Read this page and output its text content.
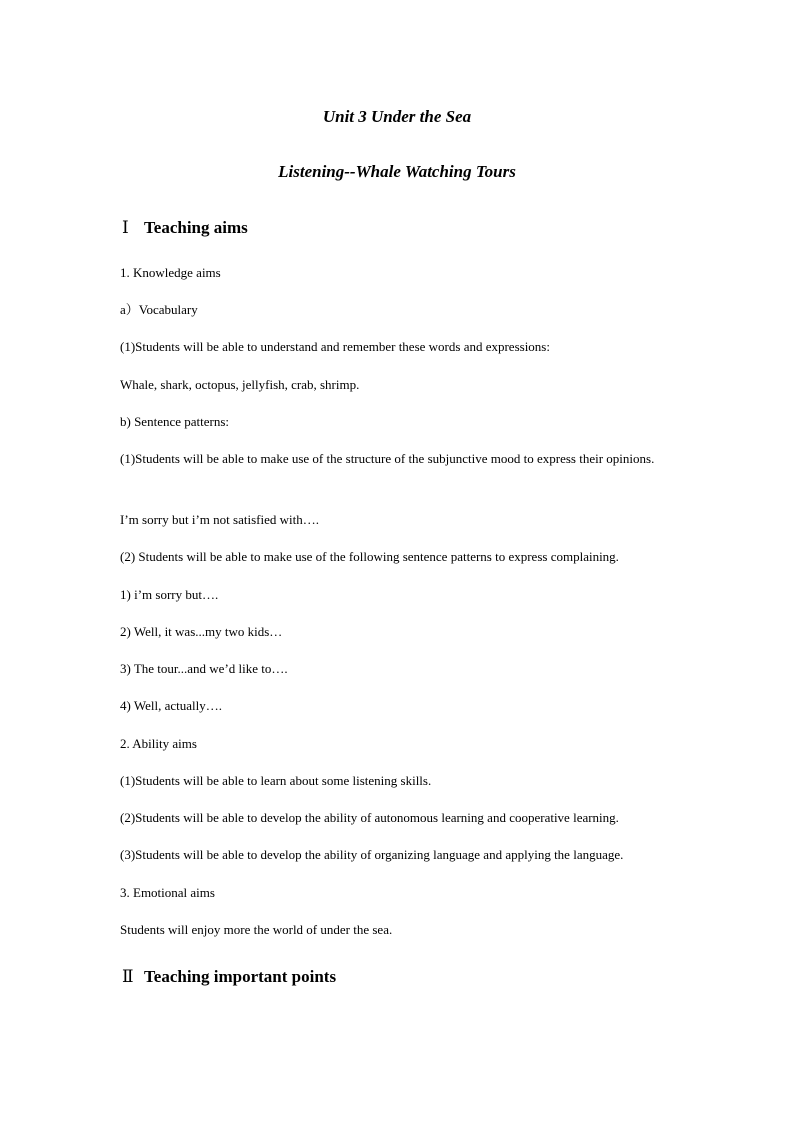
Unit 3 Under the Sea
Listening--Whale Watching Tours
Ⅰ Teaching aims
1. Knowledge aims
a）Vocabulary
(1)Students will be able to understand and remember these words and expressions:
Whale, shark, octopus, jellyfish, crab, shrimp.
b) Sentence patterns:
(1)Students will be able to make use of the structure of the subjunctive mood to express their opinions.
I’m sorry but i’m not satisfied with….
(2) Students will be able to make use of the following sentence patterns to express complaining.
1) i’m sorry but….
2) Well, it was...my two kids…
3) The tour...and we’d like to….
4) Well, actually….
2. Ability aims
(1)Students will be able to learn about some listening skills.
(2)Students will be able to develop the ability of autonomous learning and cooperative learning.
(3)Students will be able to develop the ability of organizing language and applying the language.
3. Emotional aims
Students will enjoy more the world of under the sea.
Ⅱ Teaching important points
